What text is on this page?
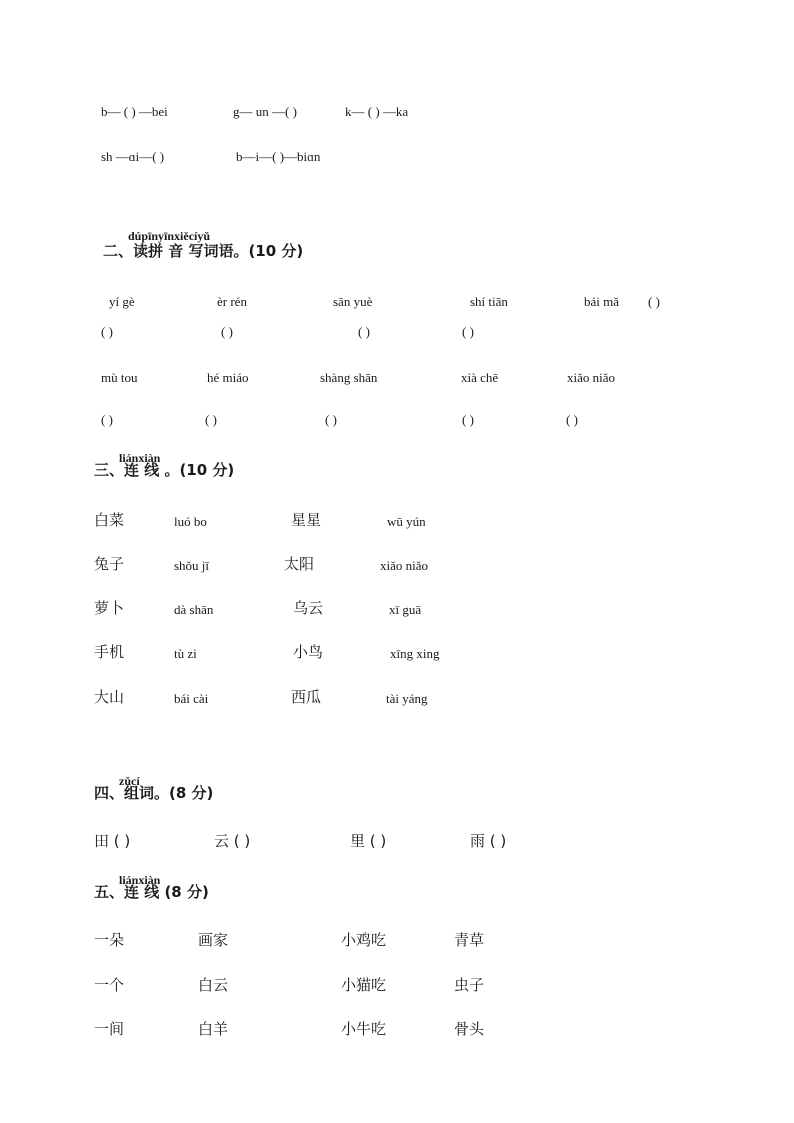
b— ( ) —bei	g— un —( )	k— ( ) —ka
sh —ɑi—( )	b—i—( )—biɑn
dúpīnyīnxiěcíyǔ
二、读拼 音 写词语。(10 分)
yí gè	èr rén	sān yuè	shí tiān	bái mǎ ( )
( )	( )	( )	( )
mù tou	hé miáo	shàng shān	xià chē	xiǎo niǎo
( )	( )	( )	( )	( )
liánxiàn
三、连 线 。(10 分)
白菜	luó bo	星星	wū yún
兔子	shǒu jī	太阳	xiǎo niǎo
萝卜	dà shān	乌云	xī guā
手机	tù zi	小鸟	xīng xing
大山	bái cài	西瓜	tài yáng
zǔcí
四、组词。(8 分)
田 ( )	云 ( )	里 ( )	雨 ( )
liánxiàn
五、连 线 (8 分)
一朵	画家	小鸡吃	青草
一个	白云	小猫吃	虫子
一间	白羊	小牛吃	骨头
